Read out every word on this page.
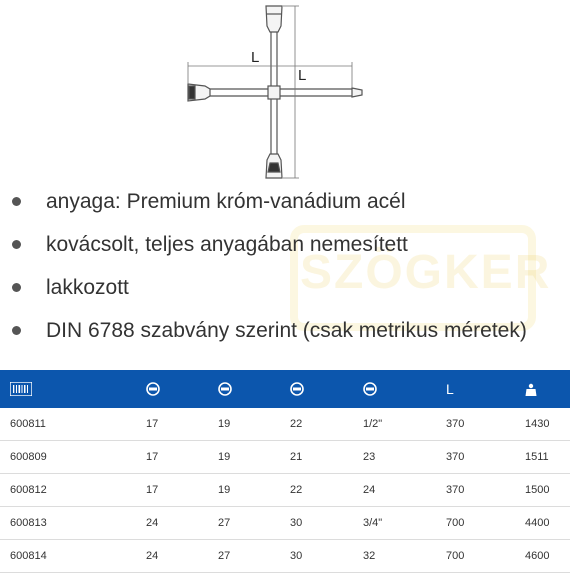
L
L
SZÖGKER
anyaga: Premium króm-vanádium acél
kovácsolt, teljes anyagában nemesített
lakkozott
DIN 6788 szabvány szerint (csak metrikus méretek)
L
600811	17	19	22	1/2"	370	1430
600809	17	19	21	23	370	1511
600812	17	19	22	24	370	1500
600813	24	27	30	3/4"	700	4400
600814	24	27	30	32	700	4600
